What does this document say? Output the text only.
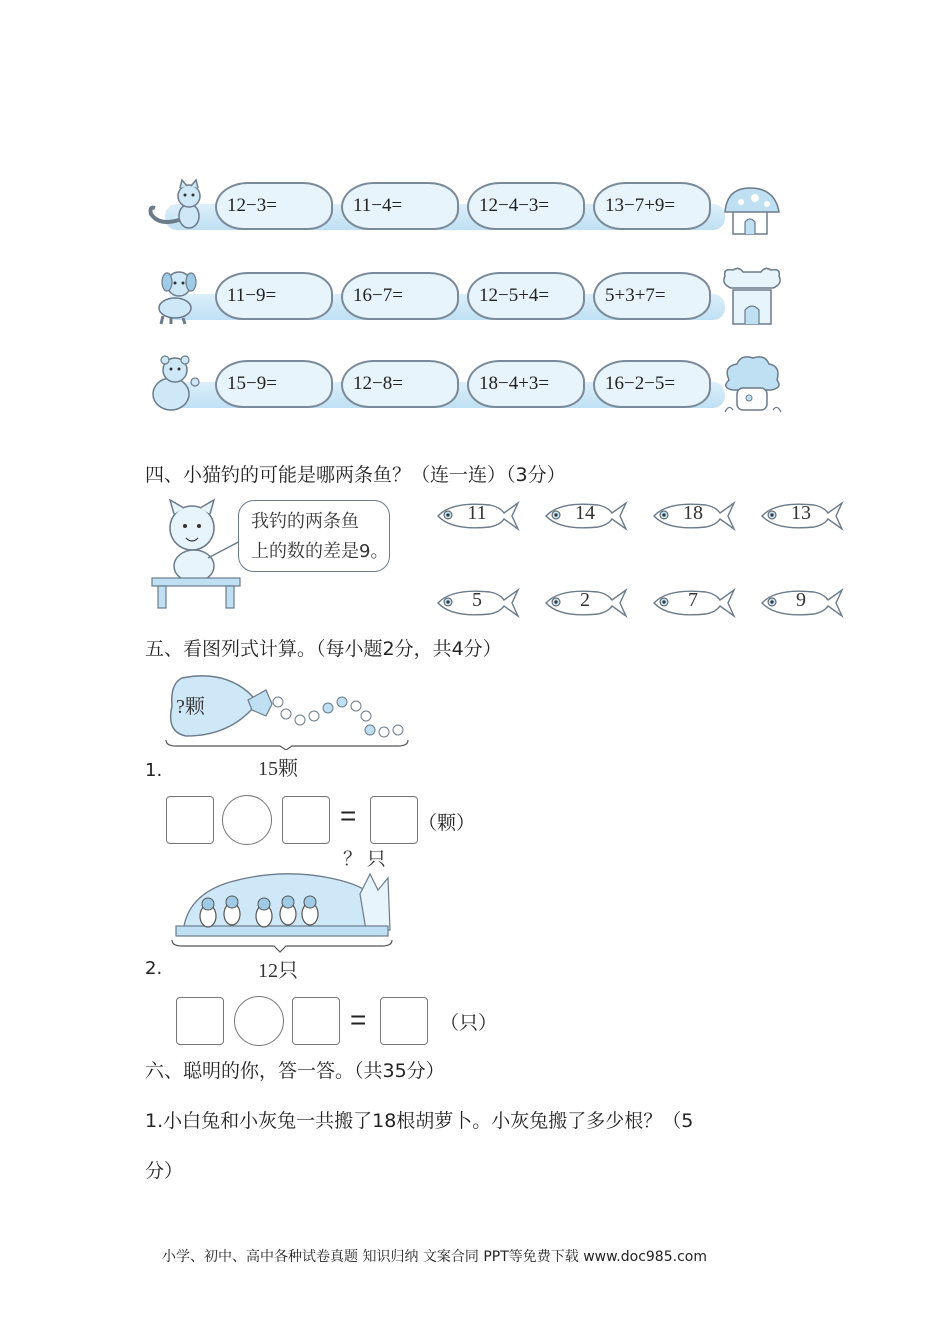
12−3=	11−4=	12−4−3=	13−7+9=
11−9=	16−7=	12−5+4=	5+3+7=
15−9=	12−8=	18−4+3=	16−2−5=
四、小猫钓的可能是哪两条鱼？（连一连）（3分）
我钓的两条鱼
上的数的差是9。
11	14	18	13
5	2	7	9
五、看图列式计算。（每小题2分，共4分）
?颗
15颗
1.
=	（颗）
？ 只
12只
2.
=	（只）
六、聪明的你，答一答。（共35分）
1.小白兔和小灰兔一共搬了18根胡萝卜。小灰兔搬了多少根？（5
分）
小学、初中、高中各种试卷真题 知识归纳 文案合同 PPT等免费下载 www.doc985.com
